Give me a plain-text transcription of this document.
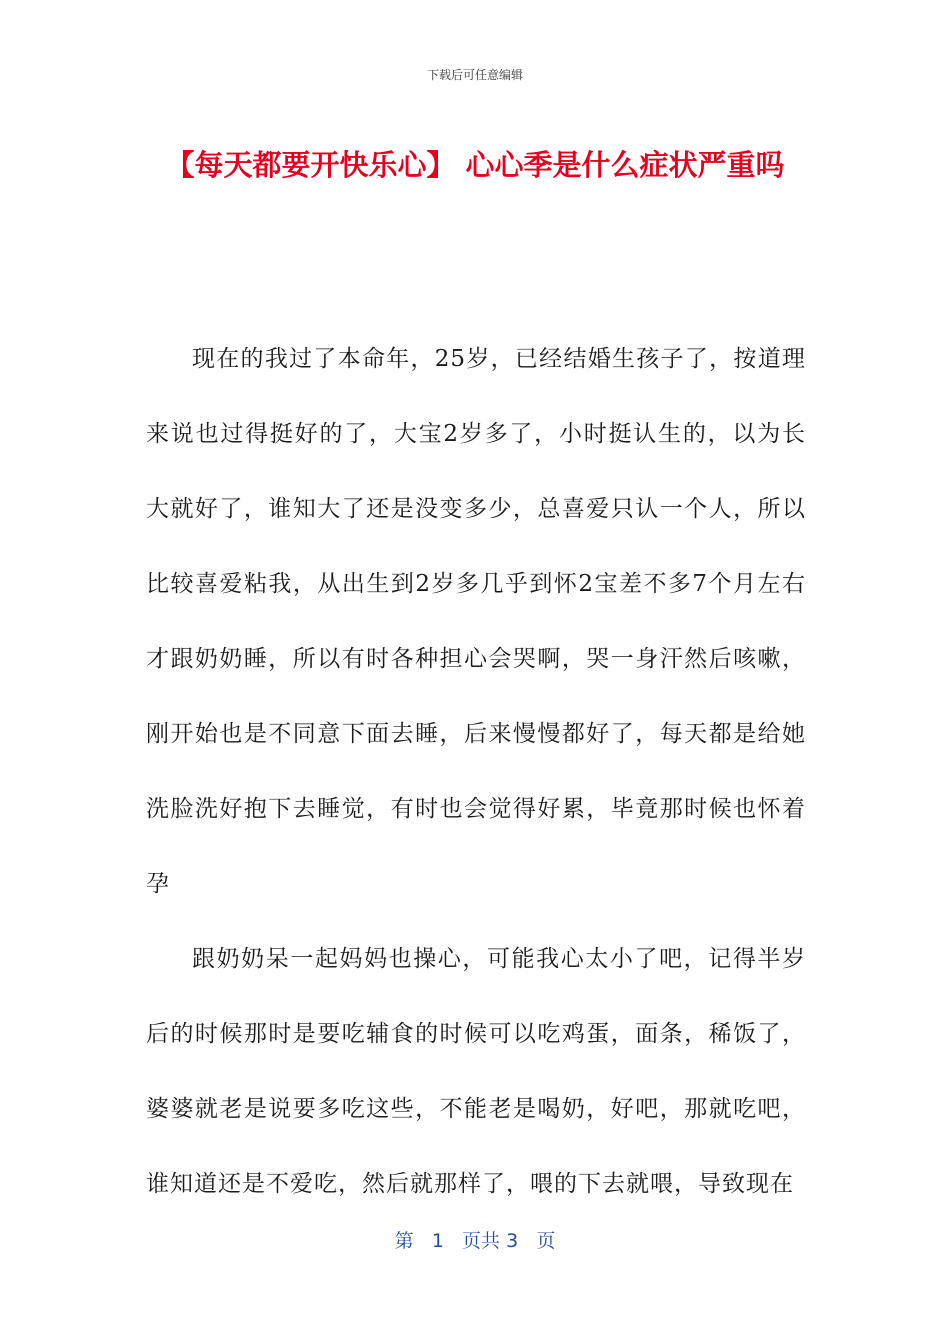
下载后可任意编辑
【每天都要开快乐心】 心心季是什么症状严重吗

现在的我过了本命年，25岁，已经结婚生孩子了，按道理来说也过得挺好的了，大宝2岁多了，小时挺认生的，以为长大就好了，谁知大了还是没变多少，总喜爱只认一个人，所以比较喜爱粘我，从出生到2岁多几乎到怀2宝差不多7个月左右才跟奶奶睡，所以有时各种担心会哭啊，哭一身汗然后咳嗽，刚开始也是不同意下面去睡，后来慢慢都好了，每天都是给她洗脸洗好抱下去睡觉，有时也会觉得好累，毕竟那时候也怀着孕

跟奶奶呆一起妈妈也操心，可能我心太小了吧，记得半岁后的时候那时是要吃辅食的时候可以吃鸡蛋，面条，稀饭了，婆婆就老是说要多吃这些，不能老是喝奶，好吧，那就吃吧，谁知道还是不爱吃，然后就那样了，喂的下去就喂，导致现在

第 1 页共 3 页
